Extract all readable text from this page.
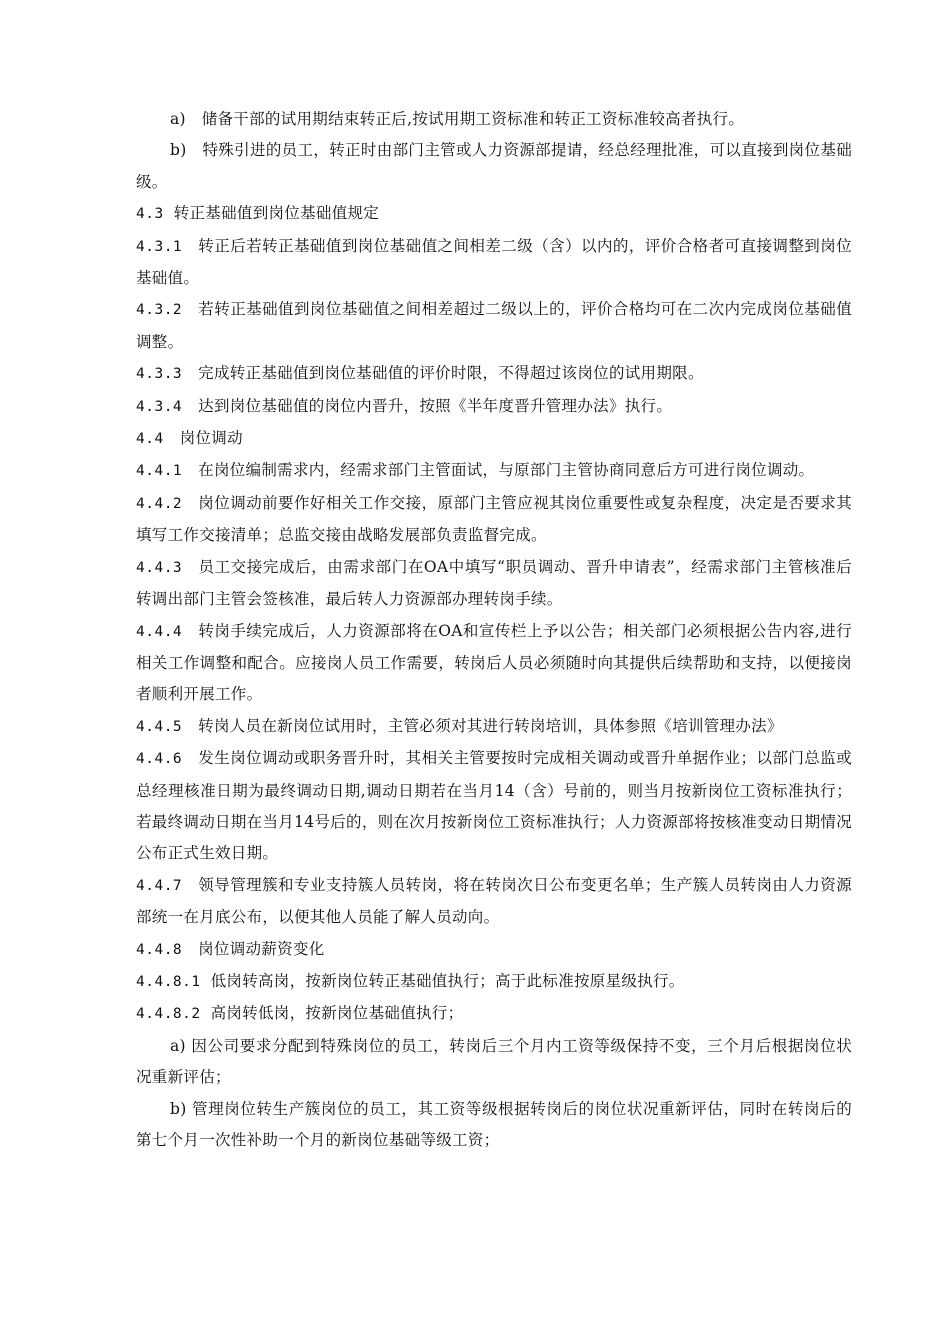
a)　储备干部的试用期结束转正后,按试用期工资标准和转正工资标准较高者执行。

b)　特殊引进的员工，转正时由部门主管或人力资源部提请，经总经理批准，可以直接到岗位基础级。

4.3 转正基础值到岗位基础值规定

4.3.1 转正后若转正基础值到岗位基础值之间相差二级（含）以内的，评价合格者可直接调整到岗位基础值。

4.3.2 若转正基础值到岗位基础值之间相差超过二级以上的，评价合格均可在二次内完成岗位基础值调整。

4.3.3 完成转正基础值到岗位基础值的评价时限，不得超过该岗位的试用期限。

4.3.4 达到岗位基础值的岗位内晋升，按照《半年度晋升管理办法》执行。

4.4 岗位调动

4.4.1 在岗位编制需求内，经需求部门主管面试，与原部门主管协商同意后方可进行岗位调动。

4.4.2 岗位调动前要作好相关工作交接，原部门主管应视其岗位重要性或复杂程度，决定是否要求其填写工作交接清单；总监交接由战略发展部负责监督完成。

4.4.3 员工交接完成后，由需求部门在OA中填写“职员调动、晋升申请表”，经需求部门主管核准后转调出部门主管会签核准，最后转人力资源部办理转岗手续。

4.4.4 转岗手续完成后，人力资源部将在OA和宣传栏上予以公告；相关部门必须根据公告内容,进行相关工作调整和配合。应接岗人员工作需要，转岗后人员必须随时向其提供后续帮助和支持，以便接岗者顺利开展工作。

4.4.5 转岗人员在新岗位试用时，主管必须对其进行转岗培训，具体参照《培训管理办法》

4.4.6 发生岗位调动或职务晋升时，其相关主管要按时完成相关调动或晋升单据作业；以部门总监或总经理核准日期为最终调动日期,调动日期若在当月14（含）号前的，则当月按新岗位工资标准执行；若最终调动日期在当月14号后的，则在次月按新岗位工资标准执行；人力资源部将按核准变动日期情况公布正式生效日期。

4.4.7 领导管理簇和专业支持簇人员转岗，将在转岗次日公布变更名单；生产簇人员转岗由人力资源部统一在月底公布，以便其他人员能了解人员动向。

4.4.8 岗位调动薪资变化

4.4.8.1 低岗转高岗，按新岗位转正基础值执行；高于此标准按原星级执行。

4.4.8.2 高岗转低岗，按新岗位基础值执行；

a) 因公司要求分配到特殊岗位的员工，转岗后三个月内工资等级保持不变，三个月后根据岗位状况重新评估；

b) 管理岗位转生产簇岗位的员工，其工资等级根据转岗后的岗位状况重新评估，同时在转岗后的第七个月一次性补助一个月的新岗位基础等级工资；
